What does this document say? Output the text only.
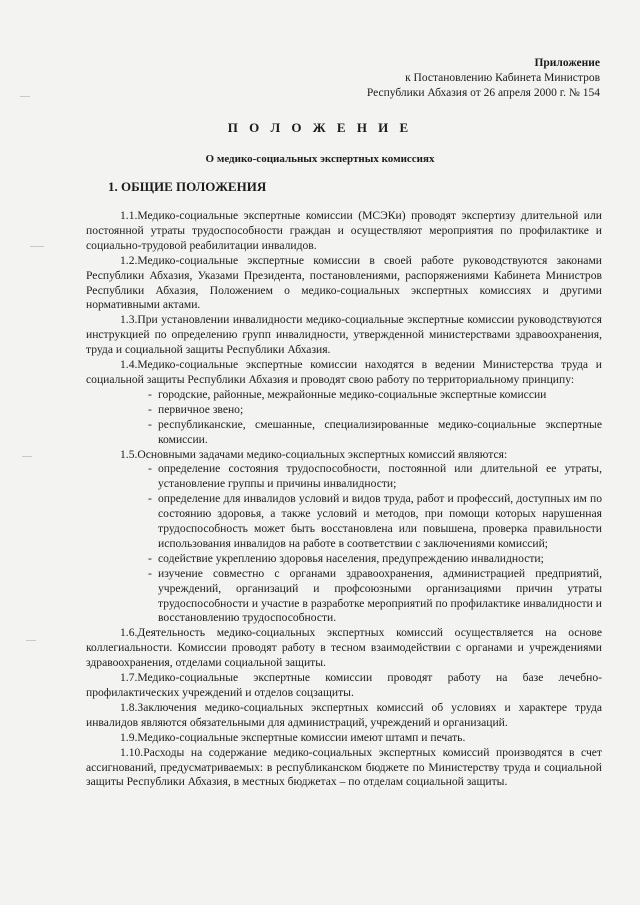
Приложение
к Постановлению Кабинета Министров
Республики Абхазия от 26 апреля 2000 г. № 154
П О Л О Ж Е Н И Е
О медико-социальных экспертных комиссиях
1. ОБЩИЕ ПОЛОЖЕНИЯ

1.1.Медико-социальные экспертные комиссии (МСЭКи) проводят экспертизу длительной или постоянной утраты трудоспособности граждан и осуществляют мероприятия по профилактике и социально-трудовой реабилитации инвалидов.

1.2.Медико-социальные экспертные комиссии в своей работе руководствуются законами Республики Абхазия, Указами Президента, постановлениями, распоряжениями Кабинета Министров Республики Абхазия, Положением о медико-социальных экспертных комиссиях и другими нормативными актами.

1.3.При установлении инвалидности медико-социальные экспертные комиссии руководствуются инструкцией по определению групп инвалидности, утвержденной министерствами здравоохранения, труда и социальной защиты Республики Абхазия.

1.4.Медико-социальные экспертные комиссии находятся в ведении Министерства труда и социальной защиты Республики Абхазия и проводят свою работу по территориальному принципу:

- городские, районные, межрайонные медико-социальные экспертные комиссии
- первичное звено;
- республиканские, смешанные, специализированные медико-социальные экспертные комиссии.

1.5.Основными задачами медико-социальных экспертных комиссий являются:

- определение состояния трудоспособности, постоянной или длительной ее утраты, установление группы и причины инвалидности;
- определение для инвалидов условий и видов труда, работ и профессий, доступных им по состоянию здоровья, а также условий и методов, при помощи которых нарушенная трудоспособность может быть восстановлена или повышена, проверка правильности использования инвалидов на работе в соответствии с заключениями комиссий;
- содействие укреплению здоровья населения, предупреждению инвалидности;
- изучение совместно с органами здравоохранения, администрацией предприятий, учреждений, организаций и профсоюзными организациями причин утраты трудоспособности и участие в разработке мероприятий по профилактике инвалидности и восстановлению трудоспособности.

1.6.Деятельность медико-социальных экспертных комиссий осуществляется на основе коллегиальности. Комиссии проводят работу в тесном взаимодействии с органами и учреждениями здравоохранения, отделами социальной защиты.

1.7.Медико-социальные экспертные комиссии проводят работу на базе лечебно-профилактических учреждений и отделов соцзащиты.

1.8.Заключения медико-социальных экспертных комиссий об условиях и характере труда инвалидов являются обязательными для администраций, учреждений и организаций.

1.9.Медико-социальные экспертные комиссии имеют штамп и печать.

1.10.Расходы на содержание медико-социальных экспертных комиссий производятся в счет ассигнований, предусматриваемых: в республиканском бюджете по Министерству труда и социальной защиты Республики Абхазия, в местных бюджетах – по отделам социальной защиты.
